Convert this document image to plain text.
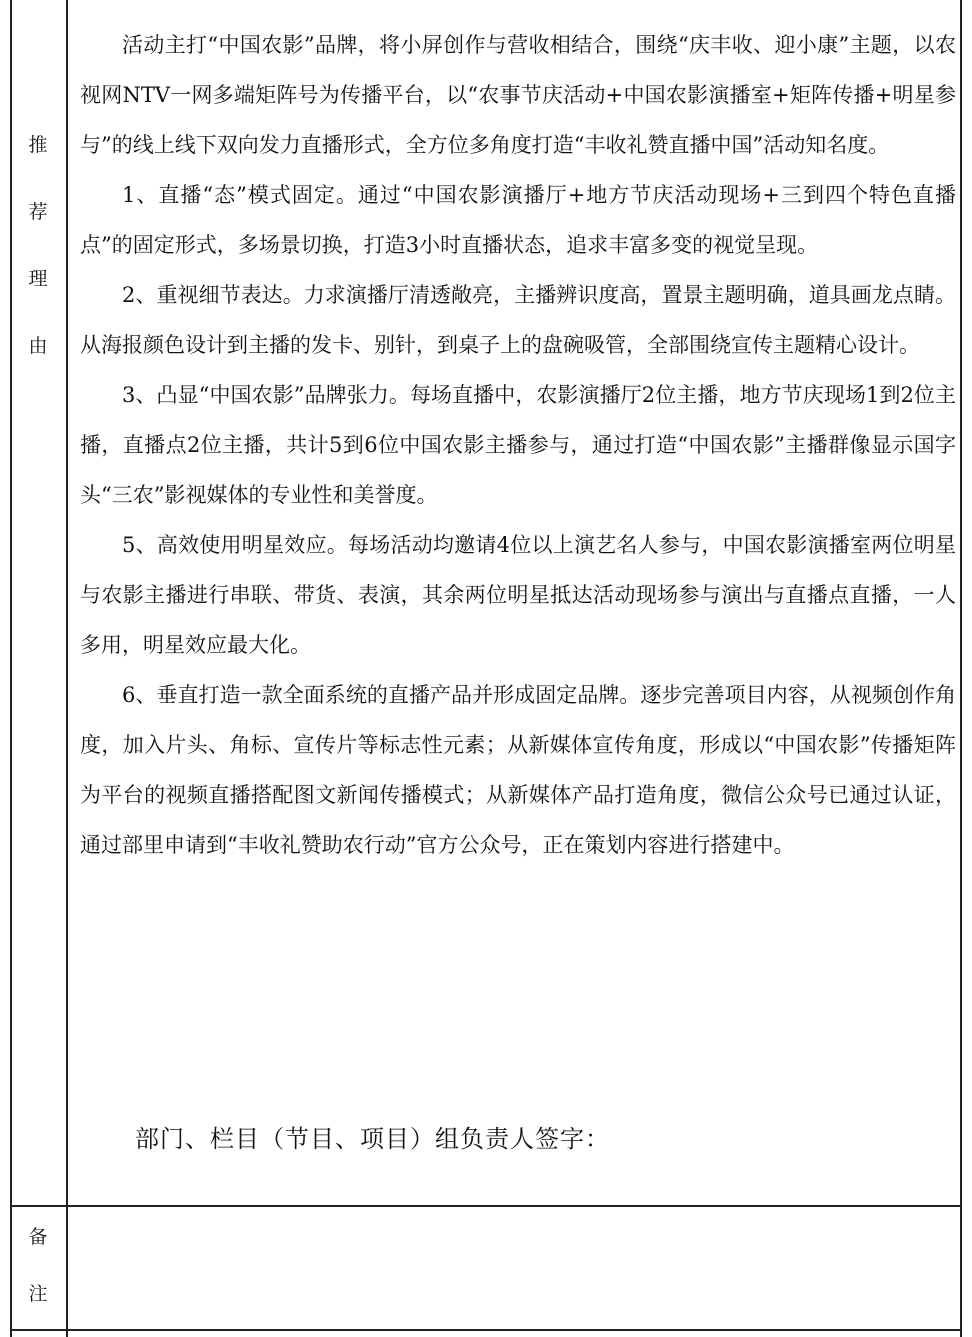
推
荐
理
由

活动主打“中国农影”品牌，将小屏创作与营收相结合，围绕“庆丰收、迎小康”主题，以农视网NTV一网多端矩阵号为传播平台，以“农事节庆活动+中国农影演播室+矩阵传播+明星参与”的线上线下双向发力直播形式，全方位多角度打造“丰收礼赞直播中国”活动知名度。

1、直播“态”模式固定。通过“中国农影演播厅+地方节庆活动现场+三到四个特色直播点”的固定形式，多场景切换，打造3小时直播状态，追求丰富多变的视觉呈现。

2、重视细节表达。力求演播厅清透敞亮，主播辨识度高，置景主题明确，道具画龙点睛。从海报颜色设计到主播的发卡、别针，到桌子上的盘碗吸管，全部围绕宣传主题精心设计。

3、凸显“中国农影”品牌张力。每场直播中，农影演播厅2位主播，地方节庆现场1到2位主播，直播点2位主播，共计5到6位中国农影主播参与，通过打造“中国农影”主播群像显示国字头“三农”影视媒体的专业性和美誉度。

5、高效使用明星效应。每场活动均邀请4位以上演艺名人参与，中国农影演播室两位明星与农影主播进行串联、带货、表演，其余两位明星抵达活动现场参与演出与直播点直播，一人多用，明星效应最大化。

6、垂直打造一款全面系统的直播产品并形成固定品牌。逐步完善项目内容，从视频创作角度，加入片头、角标、宣传片等标志性元素；从新媒体宣传角度，形成以“中国农影”传播矩阵为平台的视频直播搭配图文新闻传播模式；从新媒体产品打造角度，微信公众号已通过认证，通过部里申请到“丰收礼赞助农行动”官方公众号，正在策划内容进行搭建中。

部门、栏目（节目、项目）组负责人签字：
备
注
